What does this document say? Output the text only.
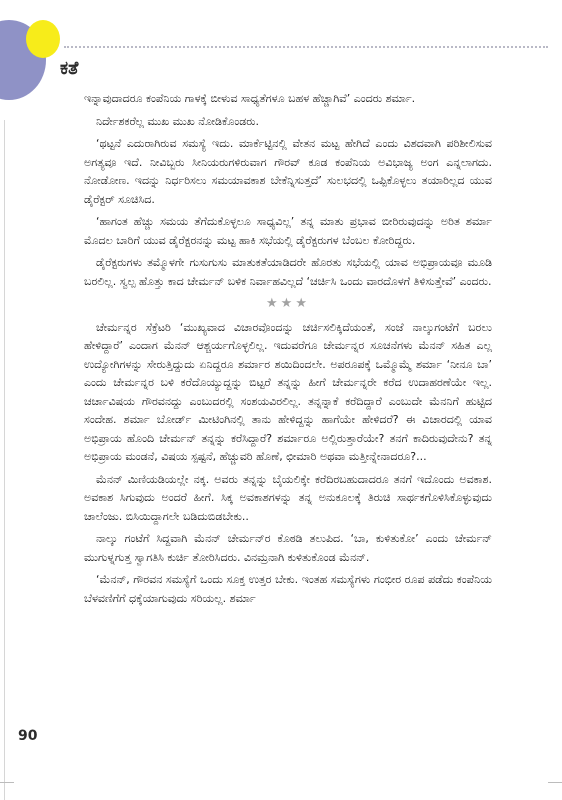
ಕತೆ

ಇನ್ನಾವುದಾದರೂ ಕಂಪೆನಿಯ ಗಾಳಕ್ಕೆ ಬೀಳುವ ಸಾಧ್ಯತೆಗಳೂ ಬಹಳ ಹೆಚ್ಚಾಗಿವೆ’ ಎಂದರು ಶರ್ಮಾ.

ನಿರ್ದೇಶಕರೆಲ್ಲ ಮುಖ ಮುಖ ನೋಡಿಕೊಂಡರು.

‘ಥಟ್ಟನೆ ಎದುರಾಗಿರುವ ಸಮಸ್ಯೆ ಇದು. ಮಾರ್ಕೆಟ್ಟಿನಲ್ಲಿ ವೇತನ ಮಟ್ಟ ಹೇಗಿದೆ ಎಂದು ವಿಶದವಾಗಿ ಪರಿಶೀಲಿಸುವ ಅಗತ್ಯವೂ ಇದೆ. ನೀವಿಬ್ಬರು ಸೀನಿಯರುಗಳಿರುವಾಗ ಗೌರವ್ ಕೂಡ ಕಂಪೆನಿಯ ಅವಿಭಾಜ್ಯ ಅಂಗ ಎನ್ನಲಾಗದು. ನೋಡೋಣ. ಇದನ್ನು ನಿರ್ಧರಿಸಲು ಸಮಯಾವಕಾಶ ಬೇಕೆನ್ನಿಸುತ್ತದೆ’ ಸುಲಭದಲ್ಲಿ ಒಪ್ಪಿಕೊಳ್ಳಲು ತಯಾರಿಲ್ಲದ ಯುವ ಡೈರೆಕ್ಟರ್ ಸೂಚಿಸಿದ.

‘ಹಾಗಂತ ಹೆಚ್ಚು ಸಮಯ ತೆಗೆದುಕೊಳ್ಳಲೂ ಸಾಧ್ಯವಿಲ್ಲ’ ತನ್ನ ಮಾತು ಪ್ರಭಾವ ಬೀರಿರುವುದನ್ನು ಅರಿತ ಶರ್ಮಾ ಮೊದಲ ಬಾರಿಗೆ ಯುವ ಡೈರೆಕ್ಟರನನ್ನು ಮಟ್ಟ ಹಾಕಿ ಸಭೆಯಲ್ಲಿ ಡೈರೆಕ್ಟರುಗಳ ಬೆಂಬಲ ಕೋರಿದ್ದರು.

ಡೈರೆಕ್ಟರುಗಳು ತಮ್ಮೊಳಗೇ ಗುಸುಗುಸು ಮಾತುಕತೆಯಾಡಿದರೇ ಹೊರತು ಸಭೆಯಲ್ಲಿ ಯಾವ ಅಭಿಪ್ರಾಯವೂ ಮೂಡಿ ಬರಲಿಲ್ಲ. ಸ್ವಲ್ಪ ಹೊತ್ತು ಕಾದ ಚೇರ್ಮನ್ ಬಳಿಕ ನಿರ್ವಾಹವಿಲ್ಲದೆ ‘ಚರ್ಚಿಸಿ ಒಂದು ವಾರದೊಳಗೆ ತಿಳಿಸುತ್ತೇವೆ’ ಎಂದರು.

★★★

ಚೇರ್ಮನ್ನರ ಸೆಕ್ರೆಟರಿ ‘ಮುಖ್ಯವಾದ ವಿಚಾರವೊಂದನ್ನು ಚರ್ಚಿಸಲಿಕ್ಕಿದೆಯಂತೆ, ಸಂಜೆ ನಾಲ್ಕುಗಂಟೆಗೆ ಬರಲು ಹೇಳಿದ್ದಾರೆ’ ಎಂದಾಗ ಮೆನನ್ ಆಶ್ಚರ್ಯಗೊಳ್ಳಲಿಲ್ಲ. ಇದುವರೆಗೂ ಚೇರ್ಮನ್ನರ ಸೂಚನೆಗಳು ಮೆನನ್ ಸಹಿತ ಎಲ್ಲ ಉದ್ಯೋಗಿಗಳನ್ನು ಸೇರುತ್ತಿದ್ದುದು ಏನಿದ್ದರೂ ಶರ್ಮಾರ ಶಯಿದಿಂದಲೇ. ಅಪರೂಪಕ್ಕೆ ಒಮ್ಮೊಮ್ಮೆ ಶರ್ಮಾ ‘ನೀನೂ ಬಾ’ ಎಂದು ಚೇರ್ಮನ್ನರ ಬಳಿ ಕರೆದೊಯ್ಯುದ್ದನ್ನು ಬಿಟ್ಟರೆ ತನ್ನನ್ನು ಹೀಗೆ ಚೇರ್ಮನ್ನರೇ ಕರೆದ ಉದಾಹರಣೆಯೇ ಇಲ್ಲ. ಚರ್ಚಾವಿಷಯ ಗೌರವನದ್ದು ಎಂಬುದರಲ್ಲಿ ಸಂಶಯವಿರಲಿಲ್ಲ. ತನ್ನನ್ನಾಕೆ ಕರೆದಿದ್ದಾರೆ ಎಂಬುದೇ ಮೆನನಿಗೆ ಹುಟ್ಟಿದ ಸಂದೇಹ. ಶರ್ಮಾ ಬೋರ್ಡ್ ಮೀಟಿಂಗಿನಲ್ಲಿ ತಾನು ಹೇಳಿದ್ದನ್ನು ಹಾಗೆಯೇ ಹೇಳಿದರೆ? ಈ ವಿಚಾರದಲ್ಲಿ ಯಾವ ಅಭಿಪ್ರಾಯ ಹೊಂದಿ ಚೇರ್ಮನ್ ತನ್ನನ್ನು ಕರೆಸಿದ್ದಾರೆ? ಶರ್ಮಾರೂ ಅಲ್ಲಿರುತ್ತಾರೆಯೇ? ತನಗೆ ಕಾದಿರುವುದೇನು? ತನ್ನ ಅಭಿಪ್ರಾಯ ಮಂಡನೆ, ವಿಷಯ ಸ್ಪಷ್ಟನೆ, ಹೆಚ್ಚುವರಿ ಹೊಣೆ, ಛೀಮಾರಿ ಅಥವಾ ಮತ್ತೀನ್ನೇನಾದರೂ?...

ಮೆನನ್ ಮಿಣಿಯಡಿಯಲ್ಲೇ ನಕ್ಕ. ಅವರು ತನ್ನನ್ನು ಬೈಯಲಿಕ್ಕೇ ಕರೆದಿರಬಹುದಾದರೂ ತನಗೆ ಇದೊಂದು ಅವಕಾಶ. ಅವಕಾಶ ಸಿಗುವುದು ಅಂದರೆ ಹೀಗೆ. ಸಿಕ್ಕ ಅವಕಾಶಗಳನ್ನು ತನ್ನ ಅನುಕೂಲಕ್ಕೆ ತಿರುಚಿ ಸಾರ್ಥಕಗೊಳಿಸಿಕೊಳ್ಳುವುದು ಚಾಲೆಂಜು. ಬಿಸಿಯಿದ್ದಾಗಲೇ ಬಡಿದುಬಿಡಬೇಕು..

ನಾಲ್ಕು ಗಂಟೆಗೆ ಸಿದ್ದವಾಗಿ ಮೆನನ್ ಚೇರ್ಮನ್‌ರ ಕೊಠಡಿ ತಲುಪಿದ. ‘ಬಾ, ಕುಳಿತುಕೋ’ ಎಂದು ಚೇರ್ಮನ್ ಮುಗುಳ್ನಗುತ್ತ ಸ್ವಾಗತಿಸಿ ಕುರ್ಚಿ ತೋರಿಸಿದರು. ವಿನಮ್ರನಾಗಿ ಕುಳಿತುಕೊಂಡ ಮೆನನ್.

‘ಮೆನನ್, ಗೌರವನ ಸಮಸ್ಯೆಗೆ ಒಂದು ಸೂಕ್ತ ಉತ್ತರ ಬೇಕು. ಇಂತಹ ಸಮಸ್ಯೆಗಳು ಗಂಭೀರ ರೂಪ ಪಡೆದು ಕಂಪೆನಿಯ ಬೆಳವಣಿಗೆಗೆ ಧಕ್ಕೆಯಾಗುವುದು ಸರಿಯಲ್ಲ. ಶರ್ಮಾ

90
